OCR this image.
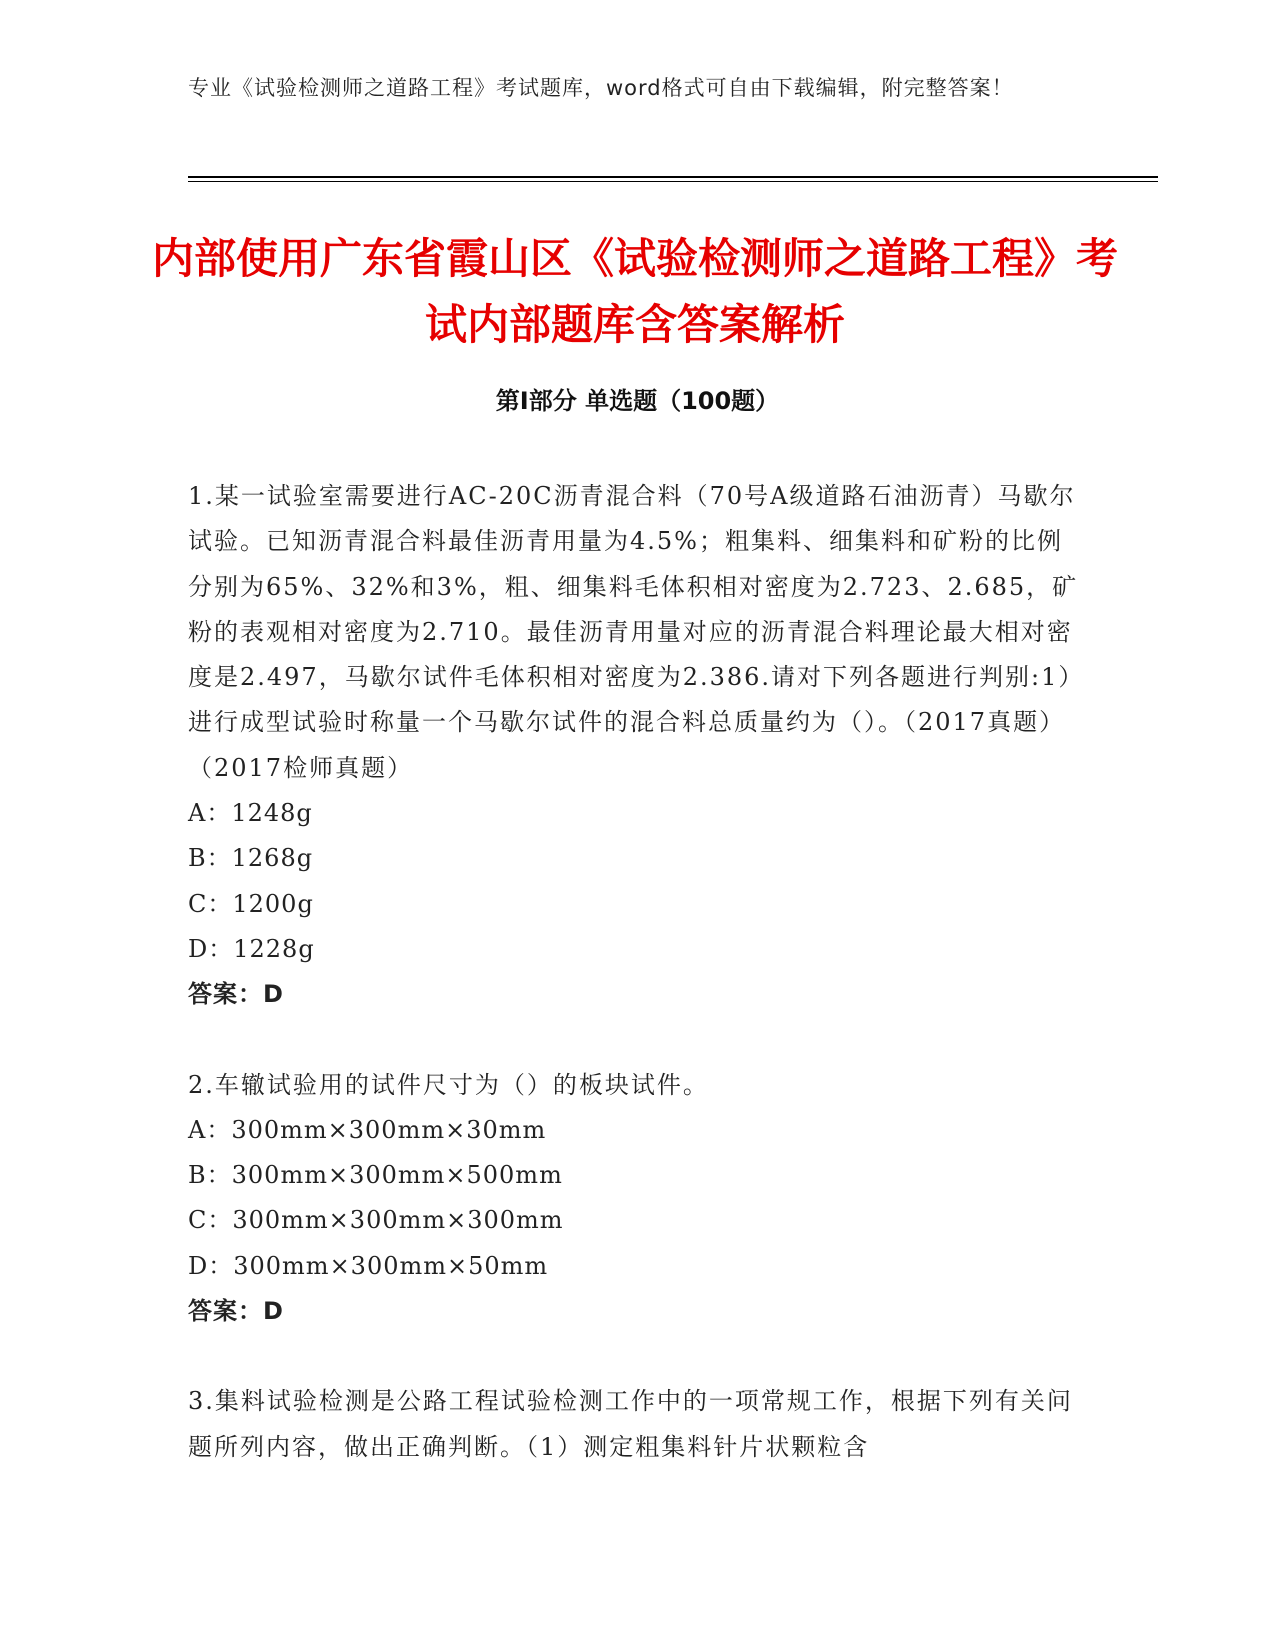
专业《试验检测师之道路工程》考试题库，word格式可自由下载编辑，附完整答案！
内部使用广东省霞山区《试验检测师之道路工程》考试内部题库含答案解析
第Ⅰ部分 单选题（100题）
1.某一试验室需要进行AC-20C沥青混合料（70号A级道路石油沥青）马歇尔试验。已知沥青混合料最佳沥青用量为4.5%；粗集料、细集料和矿粉的比例分别为65%、32%和3%，粗、细集料毛体积相对密度为2.723、2.685，矿粉的表观相对密度为2.710。最佳沥青用量对应的沥青混合料理论最大相对密度是2.497，马歇尔试件毛体积相对密度为2.386.请对下列各题进行判别:1）进行成型试验时称量一个马歇尔试件的混合料总质量约为（）。（2017真题）（2017检师真题）
A：1248g
B：1268g
C：1200g
D：1228g
答案：D
2.车辙试验用的试件尺寸为（）的板块试件。
A：300mm×300mm×30mm
B：300mm×300mm×500mm
C：300mm×300mm×300mm
D：300mm×300mm×50mm
答案：D
3.集料试验检测是公路工程试验检测工作中的一项常规工作，根据下列有关问题所列内容，做出正确判断。（1）测定粗集料针片状颗粒含
